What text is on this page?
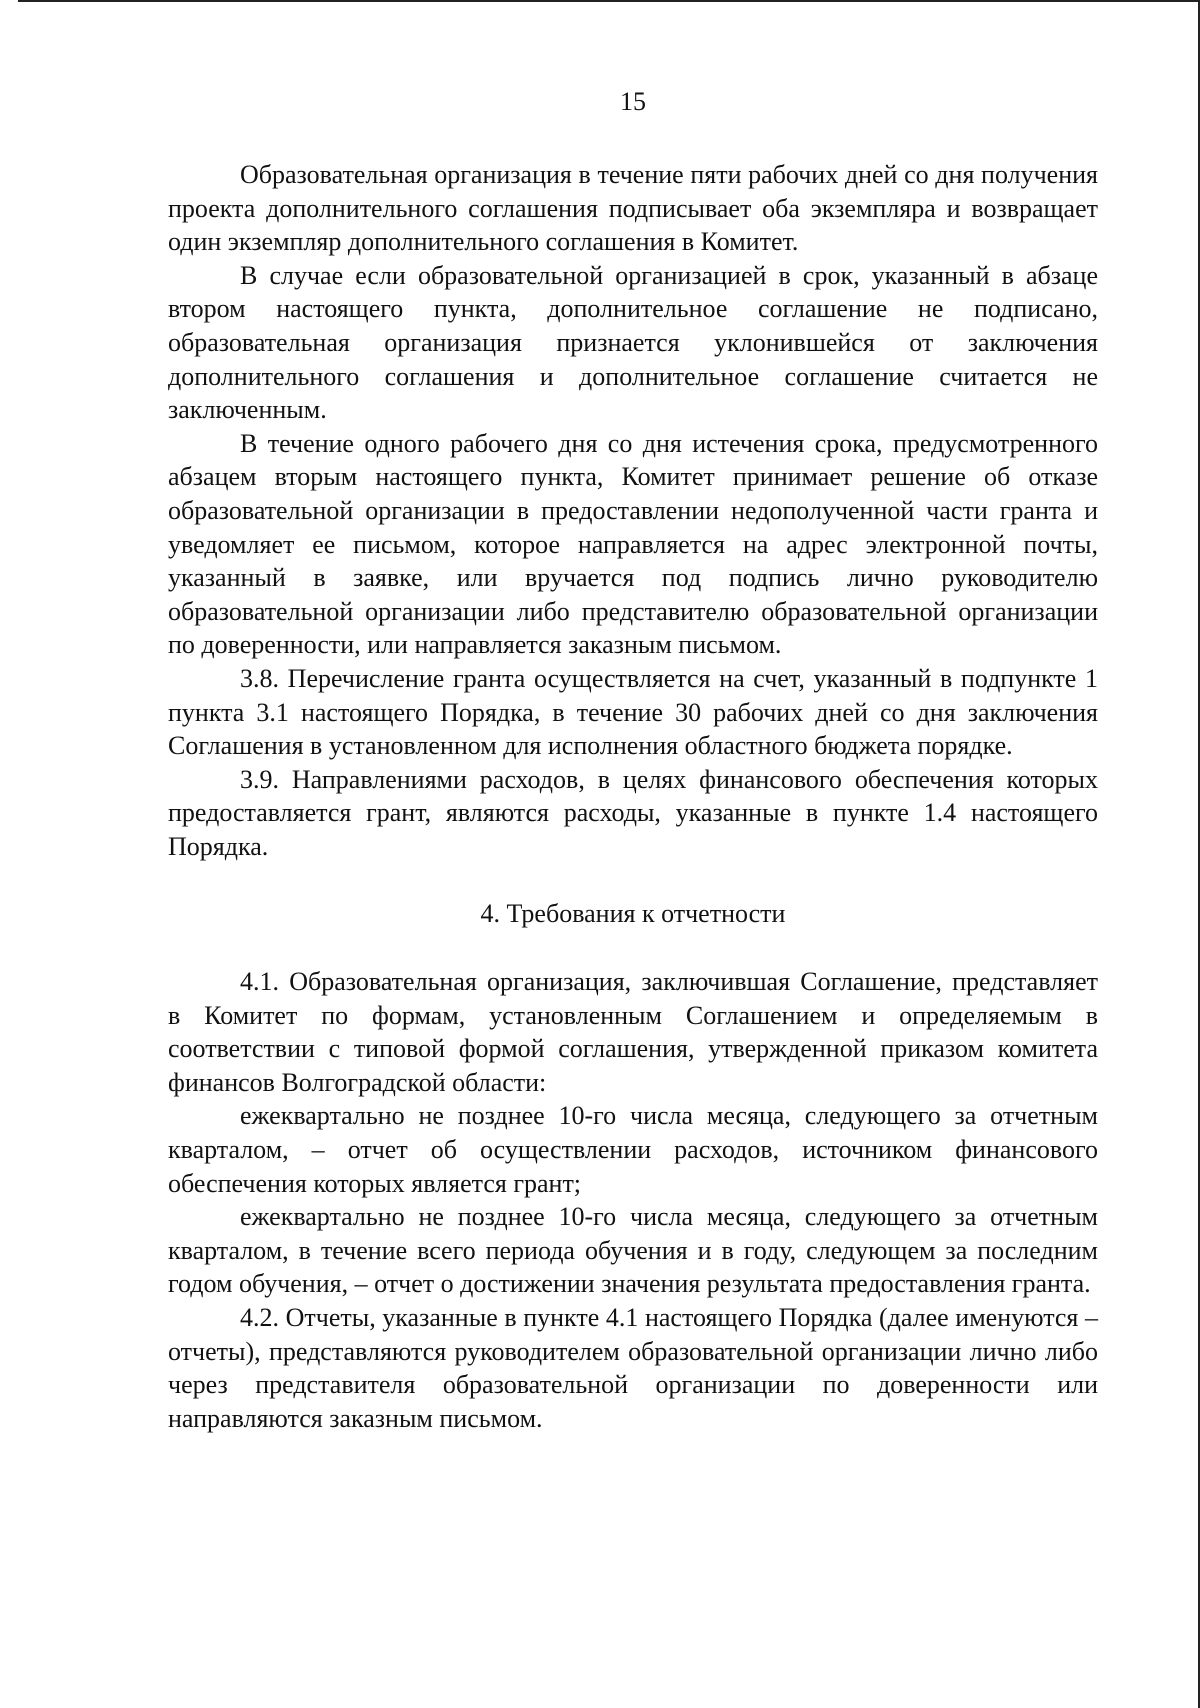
15

Образовательная организация в течение пяти рабочих дней со дня получения проекта дополнительного соглашения подписывает оба экземпляра и возвращает один экземпляр дополнительного соглашения в Комитет.

В случае если образовательной организацией в срок, указанный в абзаце втором настоящего пункта, дополнительное соглашение не подписано, образовательная организация признается уклонившейся от заключения дополнительного соглашения и дополнительное соглашение считается не заключенным.

В течение одного рабочего дня со дня истечения срока, предусмотренного абзацем вторым настоящего пункта, Комитет принимает решение об отказе образовательной организации в предоставлении недополученной части гранта и уведомляет ее письмом, которое направляется на адрес электронной почты, указанный в заявке, или вручается под подпись лично руководителю образовательной организации либо представителю образовательной организации по доверенности, или направляется заказным письмом.

3.8. Перечисление гранта осуществляется на счет, указанный в подпункте 1 пункта 3.1 настоящего Порядка, в течение 30 рабочих дней со дня заключения Соглашения в установленном для исполнения областного бюджета порядке.

3.9. Направлениями расходов, в целях финансового обеспечения которых предоставляется грант, являются расходы, указанные в пункте 1.4 настоящего Порядка.

4. Требования к отчетности

4.1. Образовательная организация, заключившая Соглашение, представляет в Комитет по формам, установленным Соглашением и определяемым в соответствии с типовой формой соглашения, утвержденной приказом комитета финансов Волгоградской области:

ежеквартально не позднее 10-го числа месяца, следующего за отчетным кварталом, – отчет об осуществлении расходов, источником финансового обеспечения которых является грант;

ежеквартально не позднее 10-го числа месяца, следующего за отчетным кварталом, в течение всего периода обучения и в году, следующем за последним годом обучения, – отчет о достижении значения результата предоставления гранта.

4.2. Отчеты, указанные в пункте 4.1 настоящего Порядка (далее именуются – отчеты), представляются руководителем образовательной организации лично либо через представителя образовательной организации по доверенности или направляются заказным письмом.
